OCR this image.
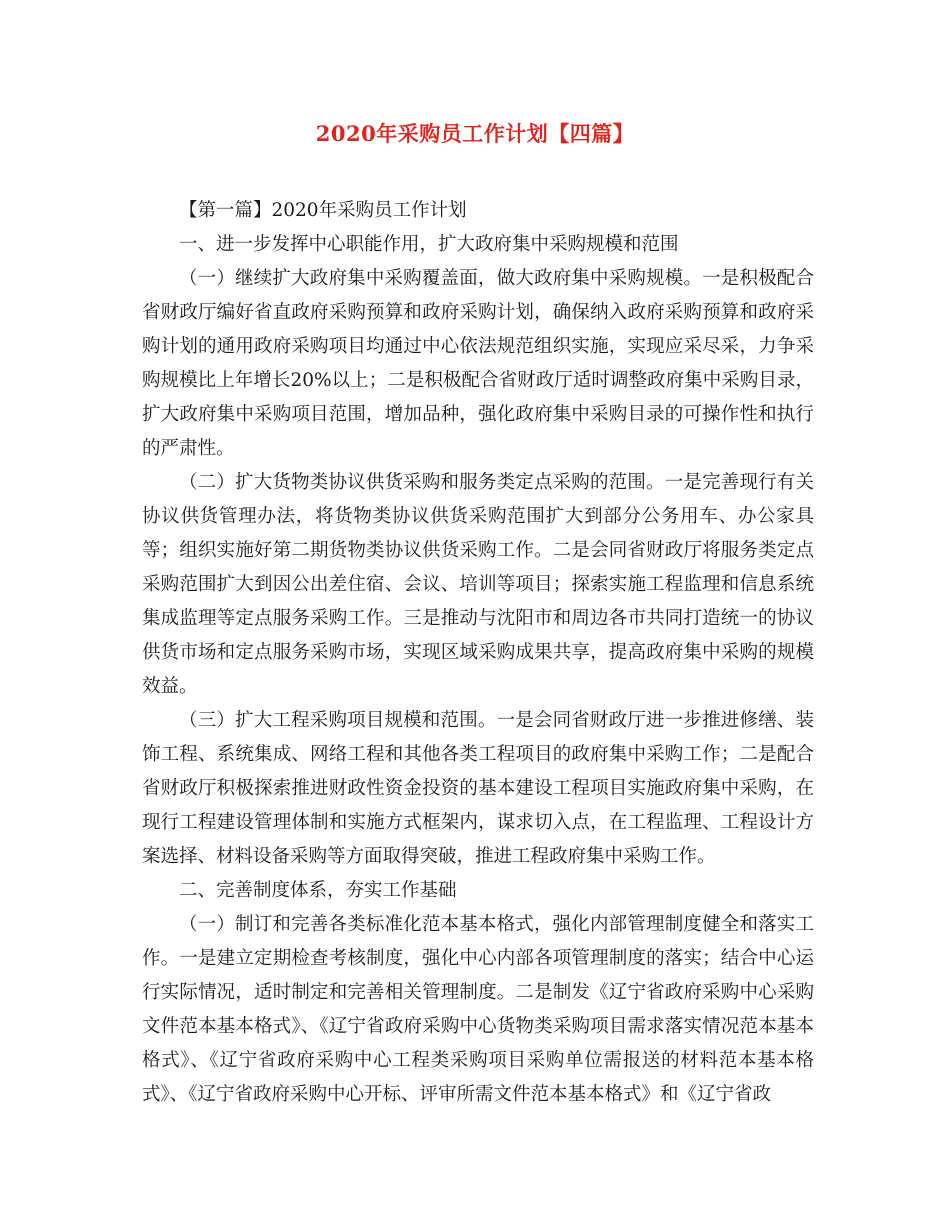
2020年采购员工作计划【四篇】

【第一篇】2020年采购员工作计划

一、进一步发挥中心职能作用，扩大政府集中采购规模和范围

（一）继续扩大政府集中采购覆盖面，做大政府集中采购规模。一是积极配合省财政厅编好省直政府采购预算和政府采购计划，确保纳入政府采购预算和政府采购计划的通用政府采购项目均通过中心依法规范组织实施，实现应采尽采，力争采购规模比上年增长20%以上；二是积极配合省财政厅适时调整政府集中采购目录，扩大政府集中采购项目范围，增加品种，强化政府集中采购目录的可操作性和执行的严肃性。

（二）扩大货物类协议供货采购和服务类定点采购的范围。一是完善现行有关协议供货管理办法，将货物类协议供货采购范围扩大到部分公务用车、办公家具等；组织实施好第二期货物类协议供货采购工作。二是会同省财政厅将服务类定点采购范围扩大到因公出差住宿、会议、培训等项目；探索实施工程监理和信息系统集成监理等定点服务采购工作。三是推动与沈阳市和周边各市共同打造统一的协议供货市场和定点服务采购市场，实现区域采购成果共享，提高政府集中采购的规模效益。

（三）扩大工程采购项目规模和范围。一是会同省财政厅进一步推进修缮、装饰工程、系统集成、网络工程和其他各类工程项目的政府集中采购工作；二是配合省财政厅积极探索推进财政性资金投资的基本建设工程项目实施政府集中采购，在现行工程建设管理体制和实施方式框架内，谋求切入点，在工程监理、工程设计方案选择、材料设备采购等方面取得突破，推进工程政府集中采购工作。

二、完善制度体系，夯实工作基础

（一）制订和完善各类标准化范本基本格式，强化内部管理制度健全和落实工作。一是建立定期检查考核制度，强化中心内部各项管理制度的落实；结合中心运行实际情况，适时制定和完善相关管理制度。二是制发《辽宁省政府采购中心采购文件范本基本格式》、《辽宁省政府采购中心货物类采购项目需求落实情况范本基本格式》、《辽宁省政府采购中心工程类采购项目采购单位需报送的材料范本基本格式》、《辽宁省政府采购中心开标、评审所需文件范本基本格式》和《辽宁省政
